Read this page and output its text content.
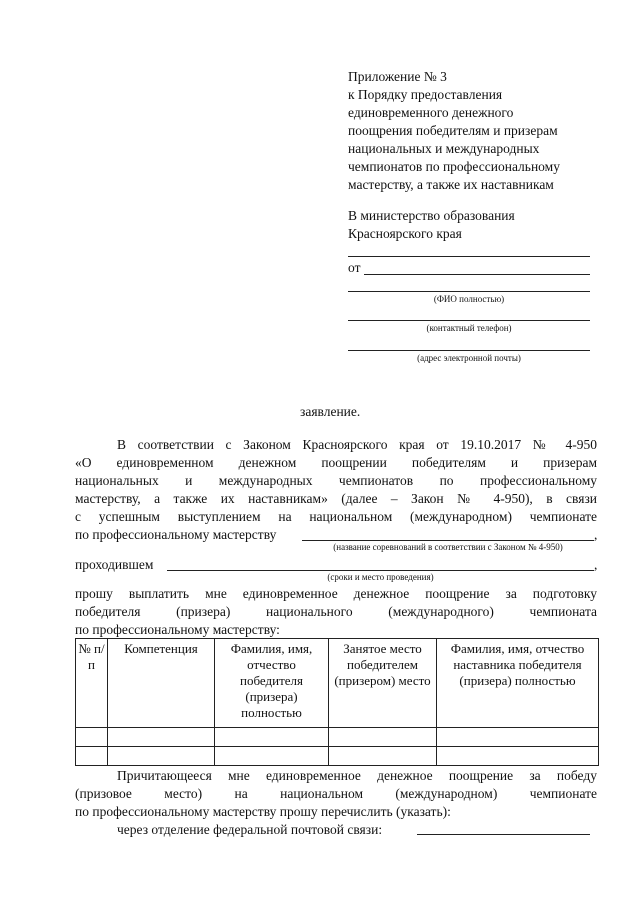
Приложение № 3
к Порядку предоставления
единовременного денежного
поощрения победителям и призерам
национальных и международных
чемпионатов по профессиональному
мастерству, а также их наставникам
В министерство образования
Красноярского края
от
(ФИО полностью)
(контактный телефон)
(адрес электронной почты)
заявление.
В соответствии с Законом Красноярского края от 19.10.2017 № 4-950
«О единовременном денежном поощрении победителям и призерам
национальных и международных чемпионатов по профессиональному
мастерству, а также их наставникам» (далее – Закон № 4-950), в связи
с успешным выступлением на национальном (международном) чемпионате
по профессиональному мастерству	,
(название соревнований в соответствии с Законом № 4-950)
проходившем	,
(сроки и место проведения)
прошу выплатить мне единовременное денежное поощрение за подготовку
победителя (призера) национального (международного) чемпионата
по профессиональному мастерству:
№ п/п	Компетенция	Фамилия, имя, отчество победителя (призера) полностью	Занятое место победителем (призером) место	Фамилия, имя, отчество наставника победителя (призера) полностью

Причитающееся мне единовременное денежное поощрение за победу
(призовое место) на национальном (международном) чемпионате
по профессиональному мастерству прошу перечислить (указать):
через отделение федеральной почтовой связи:
